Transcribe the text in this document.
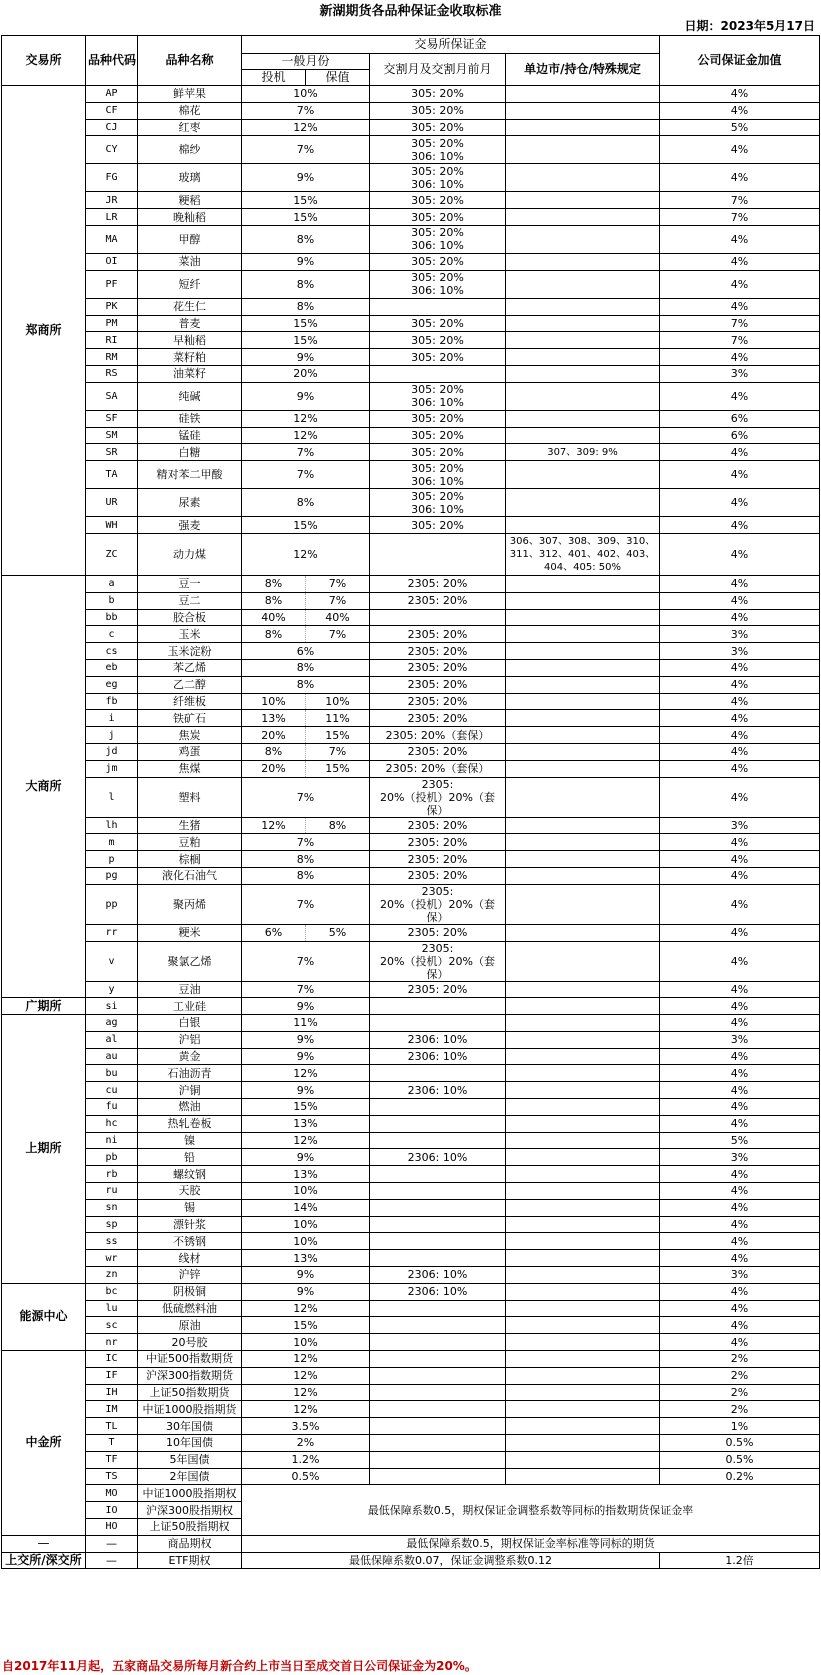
新湖期货各品种保证金收取标准
日期：2023年5月17日
交易所	品种代码	品种名称	交易所保证金				公司保证金加值
			一般月份		交割月及交割月前月	单边市/持仓/特殊规定	
			投机	保值			
郑商所	AP	鲜苹果	10%		305: 20%		4%
	CF	棉花	7%		305: 20%		4%
	CJ	红枣	12%		305: 20%		5%
	CY	棉纱	7%		305: 20%
306: 10%		4%
	FG	玻璃	9%		305: 20%
306: 10%		4%
	JR	粳稻	15%		305: 20%		7%
	LR	晚籼稻	15%		305: 20%		7%
	MA	甲醇	8%		305: 20%
306: 10%		4%
	OI	菜油	9%		305: 20%		4%
	PF	短纤	8%		305: 20%
306: 10%		4%
	PK	花生仁	8%				4%
	PM	普麦	15%		305: 20%		7%
	RI	早籼稻	15%		305: 20%		7%
	RM	菜籽粕	9%		305: 20%		4%
	RS	油菜籽	20%				3%
	SA	纯碱	9%		305: 20%
306: 10%		4%
	SF	硅铁	12%		305: 20%		6%
	SM	锰硅	12%		305: 20%		6%
	SR	白糖	7%		305: 20%	307、309: 9%	4%
	TA	精对苯二甲酸	7%		305: 20%
306: 10%		4%
	UR	尿素	8%		305: 20%
306: 10%		4%
	WH	强麦	15%		305: 20%		4%
	ZC	动力煤	12%			306、307、308、309、310、
311、312、401、402、403、
404、405: 50%	4%
大商所	a	豆一	8%	7%	2305: 20%		4%
	b	豆二	8%	7%	2305: 20%		4%
	bb	胶合板	40%	40%			4%
	c	玉米	8%	7%	2305: 20%		3%
	cs	玉米淀粉	6%		2305: 20%		3%
	eb	苯乙烯	8%		2305: 20%		4%
	eg	乙二醇	8%		2305: 20%		4%
	fb	纤维板	10%	10%	2305: 20%		4%
	i	铁矿石	13%	11%	2305: 20%		4%
	j	焦炭	20%	15%	2305: 20%（套保）		4%
	jd	鸡蛋	8%	7%	2305: 20%		4%
	jm	焦煤	20%	15%	2305: 20%（套保）		4%
	l	塑料	7%		2305:
20%（投机）20%（套保）		4%
	lh	生猪	12%	8%	2305: 20%		3%
	m	豆粕	7%		2305: 20%		4%
	p	棕榈	8%		2305: 20%		4%
	pg	液化石油气	8%		2305: 20%		4%
	pp	聚丙烯	7%		2305:
20%（投机）20%（套保）		4%
	rr	粳米	6%	5%	2305: 20%		4%
	v	聚氯乙烯	7%		2305:
20%（投机）20%（套保）		4%
	y	豆油	7%		2305: 20%		4%
广期所	si	工业硅	9%				4%
上期所	ag	白银	11%				4%
	al	沪铝	9%		2306: 10%		3%
	au	黄金	9%		2306: 10%		4%
	bu	石油沥青	12%				4%
	cu	沪铜	9%		2306: 10%		4%
	fu	燃油	15%				4%
	hc	热轧卷板	13%				4%
	ni	镍	12%				5%
	pb	铅	9%		2306: 10%		3%
	rb	螺纹钢	13%				4%
	ru	天胶	10%				4%
	sn	锡	14%				4%
	sp	漂针浆	10%				4%
	ss	不锈钢	10%				4%
	wr	线材	13%				4%
	zn	沪锌	9%		2306: 10%		3%
能源中心	bc	阴极铜	9%		2306: 10%		4%
	lu	低硫燃料油	12%				4%
	sc	原油	15%				4%
	nr	20号胶	10%				4%
中金所	IC	中证500指数期货	12%				2%
	IF	沪深300指数期货	12%				2%
	IH	上证50指数期货	12%				2%
	IM	中证1000股指期货	12%				2%
	TL	30年国债	3.5%				1%
	T	10年国债	2%				0.5%
	TF	5年国债	1.2%				0.5%
	TS	2年国债	0.5%				0.2%
	MO	中证1000股指期权	最低保障系数0.5，期权保证金调整系数等同标的指数期货保证金率				
	IO	沪深300股指期权					
	HO	上证50股指期权					
—	—	商品期权	最低保障系数0.5，期权保证金率标准等同标的期货				
上交所/深交所	—	ETF期权	最低保障系数0.07，保证金调整系数0.12				1.2倍
自2017年11月起，五家商品交易所每月新合约上市当日至成交首日公司保证金为20%。
